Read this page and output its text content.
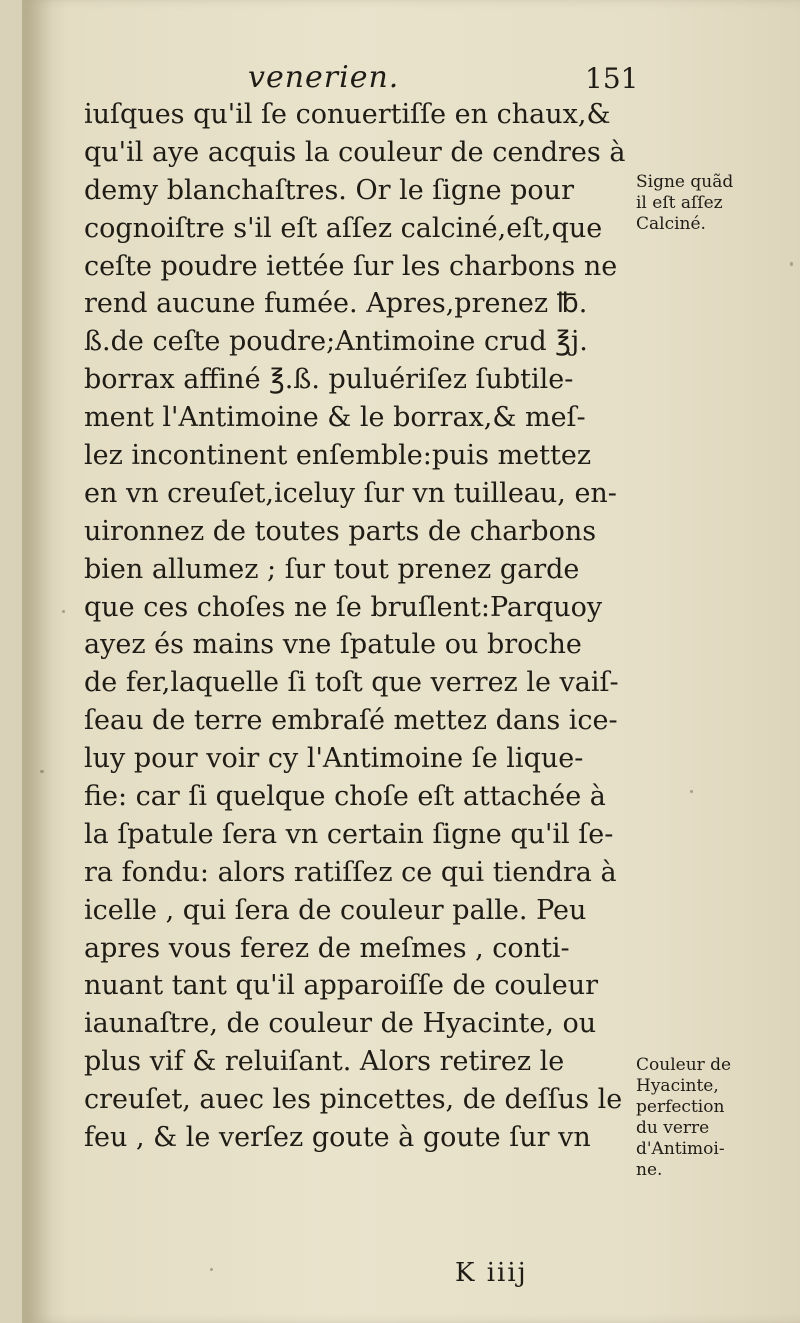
venerien.	151
iuſques qu'il ſe conuertiſſe en chaux,&
qu'il aye acquis la couleur de cendres à
demy blanchaſtres. Or le ſigne pour
cognoiſtre s'il eſt aſſez calciné,eſt,que
ceſte poudre iettée ſur les charbons ne
rend aucune fumée. Apres,prenez ℔.
ß.de ceſte poudre;Antimoine crud ℥j.
borrax affiné ℥.ß. puluériſez ſubtile-
ment l'Antimoine & le borrax,& meſ-
lez incontinent enſemble:puis mettez
en vn creuſet,iceluy ſur vn tuilleau, en-
uironnez de toutes parts de charbons
bien allumez ; ſur tout prenez garde
que ces choſes ne ſe bruſlent:Parquoy
ayez és mains vne ſpatule ou broche
de fer,laquelle ſi toſt que verrez le vaiſ-
ſeau de terre embraſé mettez dans ice-
luy pour voir cy l'Antimoine ſe lique-
fie: car ſi quelque choſe eſt attachée à
la ſpatule ſera vn certain ſigne qu'il ſe-
ra fondu: alors ratiſſez ce qui tiendra à
icelle , qui ſera de couleur palle. Peu
apres vous ferez de meſmes , conti-
nuant tant qu'il apparoiſſe de couleur
iaunaſtre, de couleur de Hyacinte, ou
plus vif & reluiſant. Alors retirez le
creuſet, auec les pincettes, de deſſus le
feu , & le verſez goute à goute ſur vn
Signe quãd
il eſt aſſez
Calciné.
Couleur de
Hyacinte,
perfection
du verre
d'Antimoi-
ne.
K iiij
